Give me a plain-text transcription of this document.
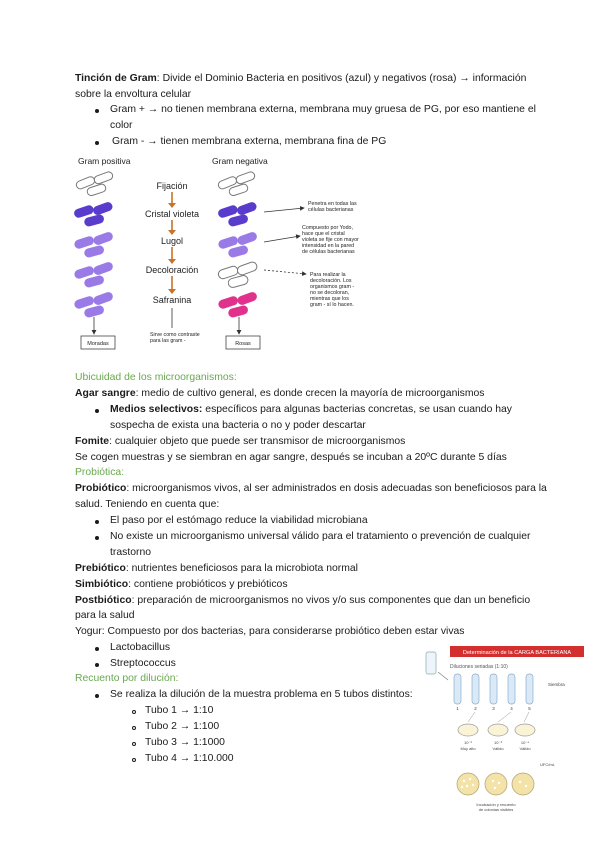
Tinción de Gram: Divide el Dominio Bacteria en positivos (azul) y negativos (rosa) → información

sobre la envoltura celular

Gram + → no tienen membrana externa, membrana muy gruesa de PG, por eso mantiene el

color

Gram - → tienen membrana externa, membrana fina de PG

Gram positiva	Gram negativa
Fijación
Cristal violeta
Lugol
Decoloración
Safranina
Penetra en todas las
células bacterianas
Compuesto por Yodo,
hace que el cristal
violeta se fije con mayor
intensidad en la pared
de células bacterianas
Para realizar la
decoloración. Los
organismos gram -
no se decoloran,
mientras que los
gram - sí lo hacen.
Sirve como contraste
para las gram -
Moradas	Rosas

Ubicuidad de los microorganismos:

Agar sangre: medio de cultivo general, es donde crecen la mayoría de microorganismos

Medios selectivos: específicos para algunas bacterias concretas, se usan cuando hay

sospecha de exista una bacteria o no y poder descartar

Fomite: cualquier objeto que puede ser transmisor de microorganismos

Se cogen muestras y se siembran en agar sangre, después se incuban a 20ºC durante 5 días

Probiótica:

Probiótico: microorganismos vivos, al ser administrados en dosis adecuadas son beneficiosos para la

salud. Teniendo en cuenta que:

El paso por el estómago reduce la viabilidad microbiana

No existe un microorganismo universal válido para el tratamiento o prevención de cualquier

trastorno

Prebiótico: nutrientes beneficiosos para la microbiota normal

Simbiótico: contiene probióticos y prebióticos

Postbiótico: preparación de microorganismos no vivos y/o sus componentes que dan un beneficio

para la salud

Yogur: Compuesto por dos bacterias, para considerarse probiótico deben estar vivas

Lactobacillus

Streptococcus

Recuento por dilución:

Se realiza la dilución de la muestra problema en 5 tubos distintos:

Tubo 1 → 1:10

Tubo 2 → 1:100

Tubo 3 → 1:1000

Tubo 4 → 1:10.000

Determinación de la CARGA BACTERIANA
Diluciones seriadas (1:10)
1	2	3	4	5
Siembra
10⁻²	10⁻³	10⁻⁴
Muy alto	Válido	Válido
UFC/mL
Incubación y recuento
de colonias visibles
